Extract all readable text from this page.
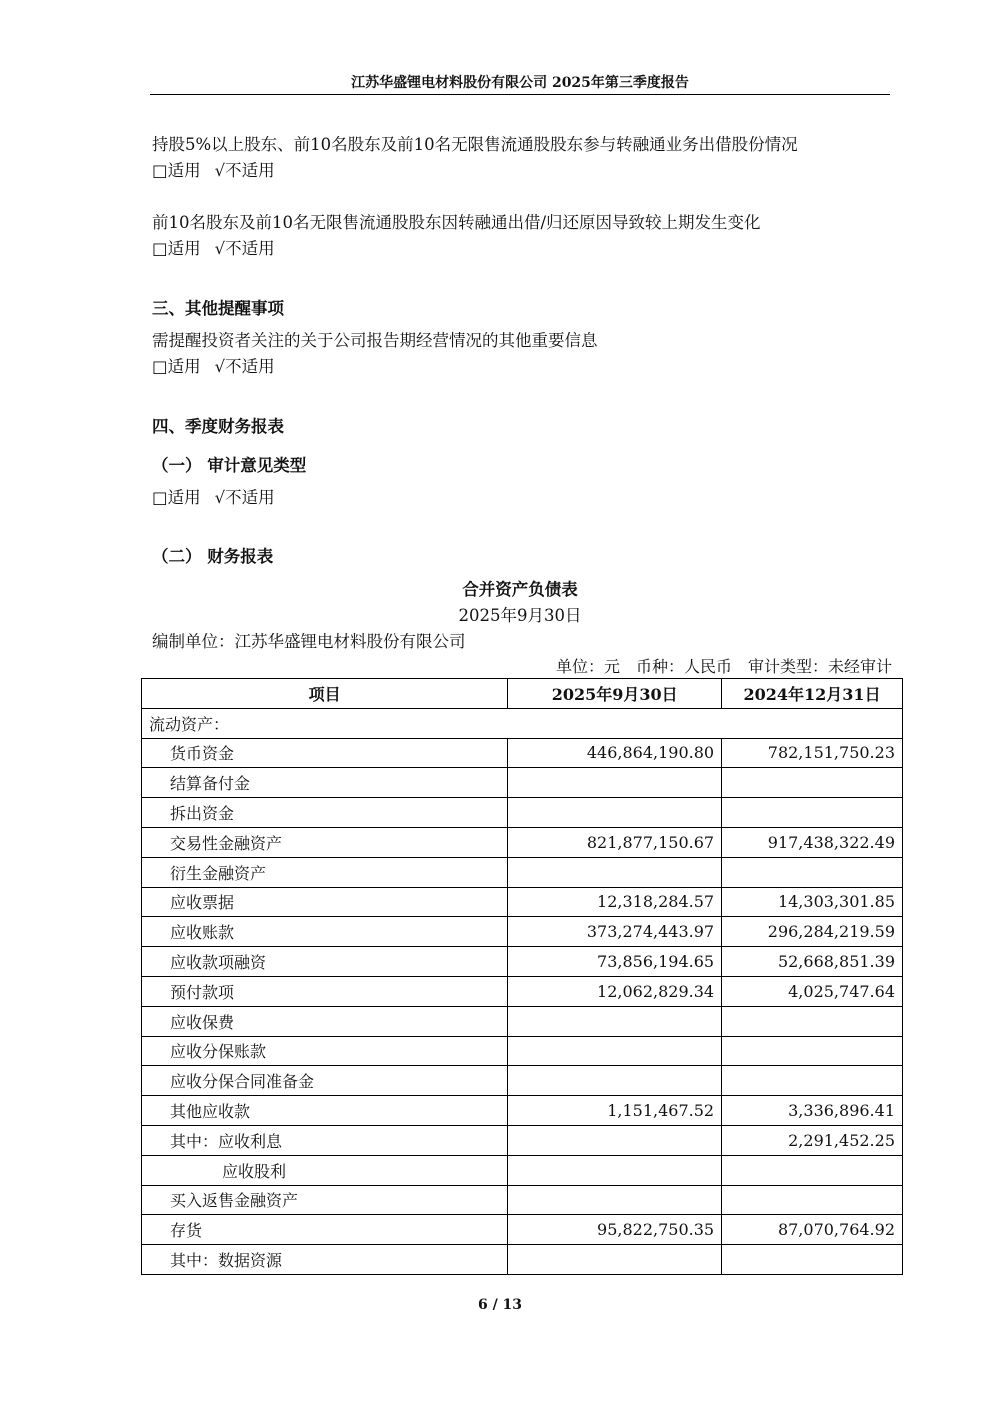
江苏华盛锂电材料股份有限公司 2025年第三季度报告
持股5%以上股东、前10名股东及前10名无限售流通股股东参与转融通业务出借股份情况
□适用 √不适用
前10名股东及前10名无限售流通股股东因转融通出借/归还原因导致较上期发生变化
□适用 √不适用
三、其他提醒事项
需提醒投资者关注的关于公司报告期经营情况的其他重要信息
□适用 √不适用
四、季度财务报表
（一） 审计意见类型
□适用 √不适用
（二） 财务报表
合并资产负债表
2025年9月30日
编制单位：江苏华盛锂电材料股份有限公司
单位：元 币种：人民币 审计类型：未经审计
项目	2025年9月30日	2024年12月31日
流动资产：		
货币资金	446,864,190.80	782,151,750.23
结算备付金		
拆出资金		
交易性金融资产	821,877,150.67	917,438,322.49
衍生金融资产		
应收票据	12,318,284.57	14,303,301.85
应收账款	373,274,443.97	296,284,219.59
应收款项融资	73,856,194.65	52,668,851.39
预付款项	12,062,829.34	4,025,747.64
应收保费		
应收分保账款		
应收分保合同准备金		
其他应收款	1,151,467.52	3,336,896.41
其中：应收利息		2,291,452.25
应收股利		
买入返售金融资产		
存货	95,822,750.35	87,070,764.92
其中：数据资源		
6 / 13
